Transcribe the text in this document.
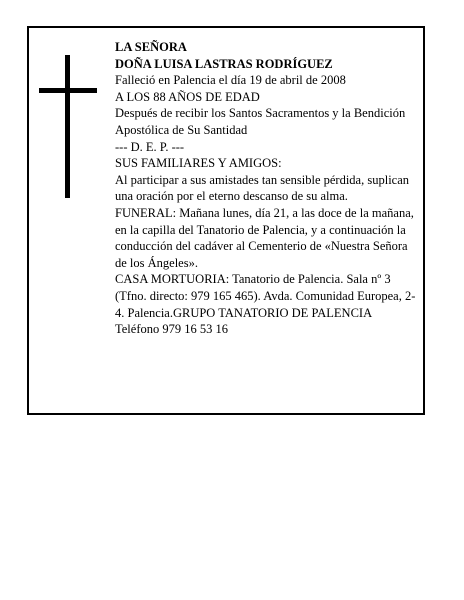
LA SEÑORA

DOÑA LUISA LASTRAS RODRÍGUEZ

Falleció en Palencia el día 19 de abril de 2008

A LOS 88 AÑOS DE EDAD

Después de recibir los Santos Sacramentos y la Bendición Apostólica de Su Santidad

--- D. E. P. ---

SUS FAMILIARES Y AMIGOS:

Al participar a sus amistades tan sensible pérdida, suplican una oración por el eterno descanso de su alma.

FUNERAL: Mañana lunes, día 21, a las doce de la mañana, en la capilla del Tanatorio de Palencia, y a continuación la conducción del cadáver al Cementerio de «Nuestra Señora de los Ángeles».

CASA MORTUORIA: Tanatorio de Palencia. Sala nº 3 (Tfno. directo: 979 165 465). Avda. Comunidad Europea, 2-4. Palencia.GRUPO TANATORIO DE PALENCIA

Teléfono 979 16 53 16
